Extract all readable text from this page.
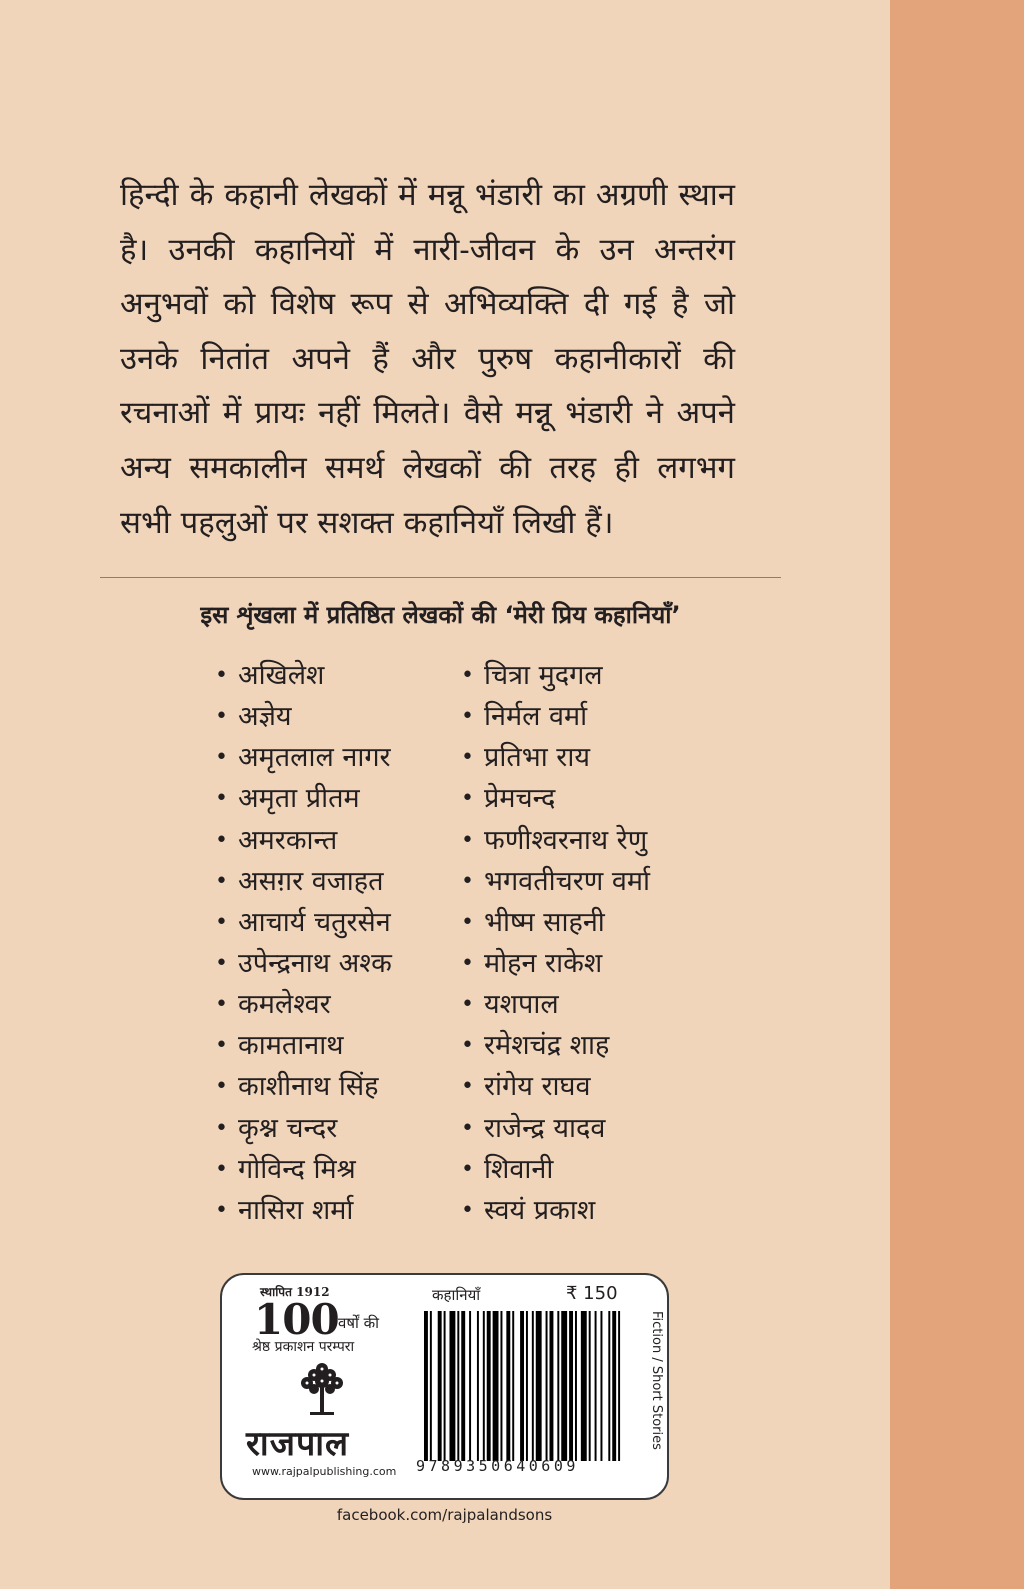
हिन्दी के कहानी लेखकों में मन्नू भंडारी का अग्रणी स्थान है। उनकी कहानियों में नारी-जीवन के उन अन्तरंग अनुभवों को विशेष रूप से अभिव्यक्ति दी गई है जो उनके नितांत अपने हैं और पुरुष कहानीकारों की रचनाओं में प्रायः नहीं मिलते। वैसे मन्नू भंडारी ने अपने अन्य समकालीन समर्थ लेखकों की तरह ही लगभग सभी पहलुओं पर सशक्त कहानियाँ लिखी हैं।

इस शृंखला में प्रतिष्ठित लेखकों की ‘मेरी प्रिय कहानियाँ’

• अखिलेश
• अज्ञेय
• अमृतलाल नागर
• अमृता प्रीतम
• अमरकान्त
• असग़र वजाहत
• आचार्य चतुरसेन
• उपेन्द्रनाथ अश्क
• कमलेश्वर
• कामतानाथ
• काशीनाथ सिंह
• कृश्न चन्दर
• गोविन्द मिश्र
• नासिरा शर्मा
• चित्रा मुदगल
• निर्मल वर्मा
• प्रतिभा राय
• प्रेमचन्द
• फणीश्वरनाथ रेणु
• भगवतीचरण वर्मा
• भीष्म साहनी
• मोहन राकेश
• यशपाल
• रमेशचंद्र शाह
• रांगेय राघव
• राजेन्द्र यादव
• शिवानी
• स्वयं प्रकाश
स्थापित 1912
100 वर्षों की
श्रेष्ठ प्रकाशन परम्परा
राजपाल
www.rajpalpublishing.com
कहानियाँ	₹ 150
9789350640609
Fiction / Short Stories
facebook.com/rajpalandsons
